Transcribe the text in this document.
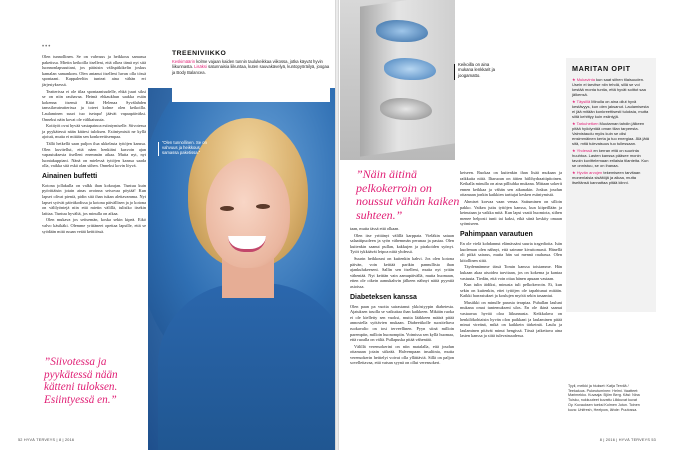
•••

Olen tunnollinen. Se on vahvuus ja heikkous samassa paketissa. Mietin keikoilla itselleni, että olkea tämä nyt sitä luonnonlapsuuttani, jos pääsisin välispitkikelin joskus kamalan samankom. Olen antanut itselleni luvan olla tössä spontaani. Kappaleeltin tunteat aina vähän eri järjestyksessä.

Teatterissa ei ole tilaa spontaanisudelle, ehkä juuri siksi se on niin rauhavaa. Heimä ehkaukhun saakka esiän kokenna itsensä Kätri Helenaa Syvälahden tanssilavateatterissa ja toteet kolme olen keikoilla. Laulaminen suuri tuo tsetapa! jäävät vapaapäiväksi. Onneksi näin kovat ole välikaisuuta.

Kotityöt ovat hyvää vastapainoa esiintymiselle. Siivotessa ja pyykätessä nään kättesi tuloksen. Esiintymistä ne kyllä ajoiutt, mutta ei mitään sen konkreettisempaa.

Tällä hetkellä saan puljon ilua ukkelasta tyttöjen kanssa. Olen kuvitellut, että näen henkiäni kasvoin ajan vapautuksesta itselleni enemmän aikaa. Mutta nyt, nyt luontakuppiani. Nänä on mielessä tyttöjen kanssa saada olla, vaikka sitä eskä olan siihen. Onneksi kovin löyvä.

Ainainen buffetti

Kotona jollakulla on valkk ihan kokoajan. Tuntuu kuin pyörittäisin jotain ainas avoinna seisovaa pöytää! Kun lapset olivat pieniä, pidin sitä ihan tukan alettavamma. Nyt lapset syövät päiväkodissa ja kotona päivällisen ja jo kotona on välilyöntejä niin että mietin välillä, tulisiko itsekin laittaa. Tuntuu hyvältä, jos minulla on aikaa.

Olen mukava jos seitsemän, koska sekin kipeä. Eikö valvo käsikäki. Olemme yrittäneet opettaa lapsille, että se syödään mitä ruuan vetää keittiössä.

”Siivotessa ja pyykätessä nään kätteni tuloksen. Esiintyessä en.”
”Olen tunnollinen. Se on vahvuus ja heikkous samassa paketissa.”
TREENIVIIKKO
Keskimäärin kolme vajaan kaiden tunnin taulukeikkaa viikossa, jotka käyvät hyvin liikunnasta. Lisäksi satunnaisia liikuntaa, kuten sauvakävelyä, kuntopyöräilyä, joogaa ja Body Balancea.
52 HYVÄ TERVEYS | 8 | 2016
Keikoilla on aina mukana lenkkarit ja joogamatto.
”Näin äitinä pelkokerroin on noussut vähän kaiken suhteen.”

taan, mutta tässä että olkaan.

Olen itse yrittänyt välillä karppata. Vieläkin satuan salaattipuoleen ja syön vähemmän perunaa ja pastaa. Olen kuitenkin saanut pullan, kakkujen ja pirakoiden syönyt. Tytöt tykkäävät leipoa niitä yhdessä.

Suurin heikkouni on kuitenkin kahvi. Jos olen kotona päivän, voin keittää parikin pannullista ihan ajankulukeeseni. Sallin sen itselleni, mutta nyt yritän vähentää. Nyt keittän vain aamupäivällä, mutta huomaan, etten ole oikein aamukahvin jälkeen nähnyt näitä pyyntiä asioissa.

Diabeteksen kanssa

Olen paan pa vuotta sairastanut ykköstyypin diabetesta. Ajatuksen tasolla se vaikuttaa ihan kaikkeen. Mikään ruoka ei ole kielletty sen vuoksi, mutta lääkkeen määrä pitää annostella syötävien mukaan. Diabeetikolle suositeltava ruokavalio on tosi terveellinen. Pyyn siinä milloin parempiin, milloin huonompiin. Voimissa sen kyllä huomaa, että ruoalla on väliä. Pullapuska pitää vähentää.

Välillä verensokerini on niin matalalla, että joudun ottamaan jotain siikeää. Halvempaan insuliinia, mutta verensokerin heittelyt voivat olla yllättäviä. Sillä on paljon sovellettavaa, että vatsan syynä on ollut verensokeri.

keiseen. Ruokaa on kuitenkin ihan lisää mukaan ja raikkaita niitä. Iltaruoan on äitien hiilihydraattipitoinen. Keikalla minulla on aina pilliuhka mukana. Mittaan sokerit ennen keikkaa ja vähän sen aikanakin. Joskus joudun ottamaan jonkin kaikkien tarttujat kesken esiintymistä.

Ahmiset korvaa vaan venaa. Sattuminen on silloin pakko. Vaikea juttu tyttöjen kanssa, kun kiipeillään ja keinutaan ja vaikka mitä. Kun lapsi vaatii huomiota, siihen menee helposti tunti tai kaksi, eikä siinä keskity omaan syömiseen.

Pahimpaan varautuen

En ole vielä kohdannut elämässäni suuria tragedioita. Isän kuoleman olen nähnyt, että saimme kivuttomasti. Hänellä oli pitkä sairaus, mutta hän sai mennä rauhassa. Olen kiitollinen siitä.

Täydennämme tässä Tomin kanssa toisiamme. Hän kukaan akaa aisoidea tarvitaan, jos on kokema ja kantaa vastuuta. Tiedän, että voin ottaa hänen apuaan vastaan.

Kun tulin äidiksi, minusta tuli pelkokerroin. Ei, kun sekin on kuitenkin, ettei tyttöjen ole tapahtunut mitään. Kaikki harrastukset ja koulujen myötä sekin tasaantui.

Musiikki on minulle parasta terapiaa. Puhallan lauluni mukana omat tuntemukseni ulos. En ole ikinä saanut vastaavaa hyvää oloa liikunnasta. Keikkalava on henkilökohtaisin hyvän olon paikkani ja laulaminen pitää minut vireänä, mikä on kaikkein tärkeintä. Laulu ja laulaminen pitävät minut hengissä. Tässä jatkettava aina lasten kanssa ja siitä tulevaisuudessa.

MARITAN OPIT
★ Mukavinta kun saat siihen tilaisuuden. Usein ei tarvitse niin tehdä, sillä se voi kestää monta tuntia, että hyvät soittot saa jälkensä.
★ Täysillä Minulla on aina ollut hyvä kestävyys, kun olen jaksanut. Laulamisesta ei jää mitään konkreettisesti tuloksia, mutta siitä kehittyy kuin esiintyjä.
★ Tarkuhetken Muutaman tahdin jälkeen pitää hyödyntää oman tilan tarpeesta. Valmistaudu myös kuin se olisi ensimmäinen kerta ja tuo energiaa. Älä jätä sitä, mitä tulevaisuus tuo tullessaan.
★ Yhdessä en kerran että on suurinta huuhtoa. Lasten kanssa pääsee monin tavoin kuvittelemaan erilaisia tilanteita. Kun se onnistuu, se on ihanaa.
★ Hyvän arvojen tekemiseen tarvitaan monenlaisia sisältöjä ja aikaa, mutta itseltänsä kannattaa pitää kiinni.
Tyyli, meikki ja hiukset: Katja Tervilä / Teekaluus. Pukeutuminen: Helmi. Vaatteet: Marimekko. Kuvaaja: Björn Berg. Käsi: Nina Tuisku, nukkuuteet kuvattu Liikkuvat kuvat Oy. Kuvauksen tueksi Kolmen Jutun. Toinen kuva: Unifresh, Heelpow, lähde: Puutossa.
8 | 2016 | HYVÄ TERVEYS 53
